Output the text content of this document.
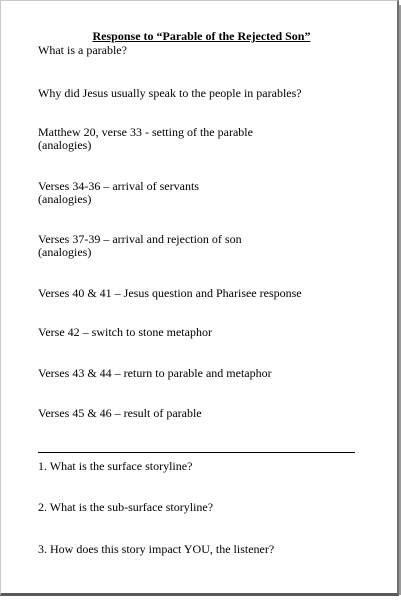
Response to “Parable of the Rejected Son”
What is a parable?
Why did Jesus usually speak to the people in parables?
Matthew 20, verse 33 - setting of the parable
(analogies)
Verses 34-36 – arrival of servants
(analogies)
Verses 37-39 – arrival and rejection of son
(analogies)
Verses 40 & 41 – Jesus question and Pharisee response
Verse 42 – switch to stone metaphor
Verses 43 & 44 – return to parable and metaphor
Verses 45 & 46 – result of parable
1. What is the surface storyline?
2. What is the sub-surface storyline?
3. How does this story impact YOU, the listener?
